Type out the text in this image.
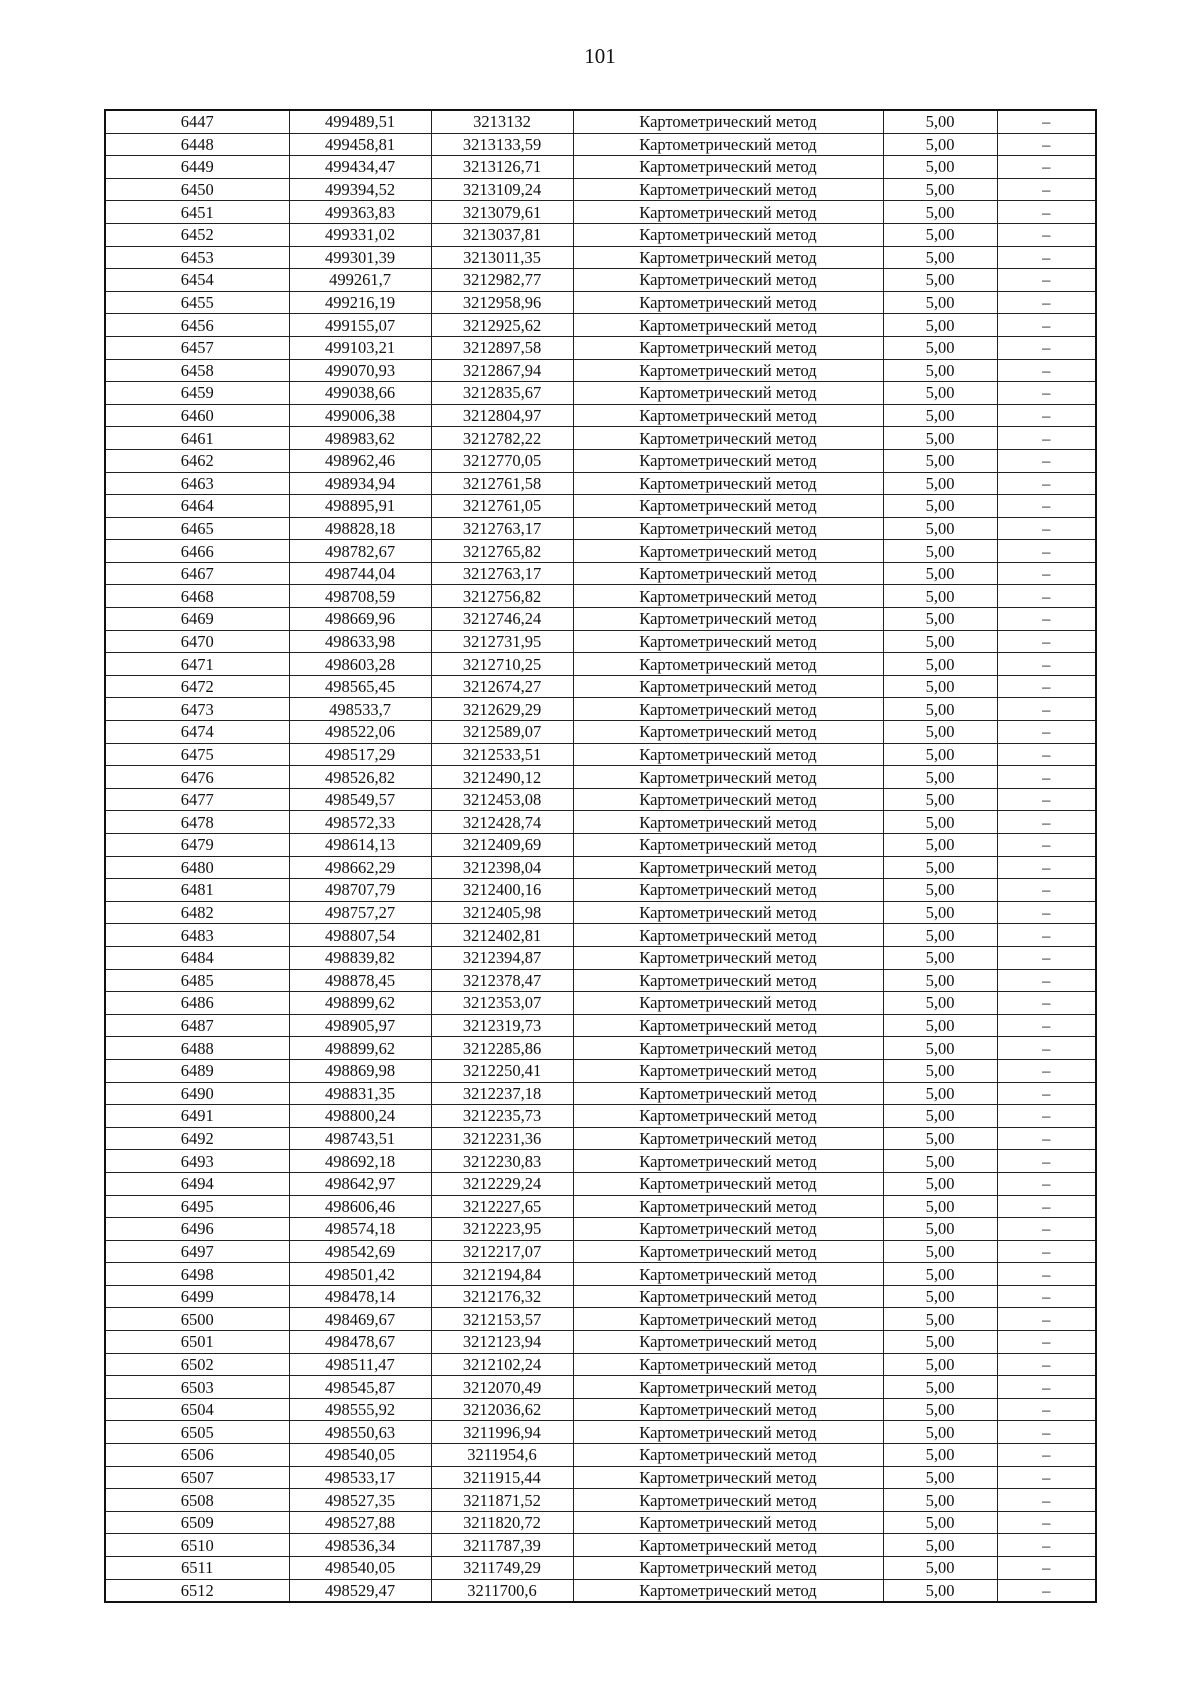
101
6447	499489,51	3213132	Картометрический метод	5,00	–
6448	499458,81	3213133,59	Картометрический метод	5,00	–
6449	499434,47	3213126,71	Картометрический метод	5,00	–
6450	499394,52	3213109,24	Картометрический метод	5,00	–
6451	499363,83	3213079,61	Картометрический метод	5,00	–
6452	499331,02	3213037,81	Картометрический метод	5,00	–
6453	499301,39	3213011,35	Картометрический метод	5,00	–
6454	499261,7	3212982,77	Картометрический метод	5,00	–
6455	499216,19	3212958,96	Картометрический метод	5,00	–
6456	499155,07	3212925,62	Картометрический метод	5,00	–
6457	499103,21	3212897,58	Картометрический метод	5,00	–
6458	499070,93	3212867,94	Картометрический метод	5,00	–
6459	499038,66	3212835,67	Картометрический метод	5,00	–
6460	499006,38	3212804,97	Картометрический метод	5,00	–
6461	498983,62	3212782,22	Картометрический метод	5,00	–
6462	498962,46	3212770,05	Картометрический метод	5,00	–
6463	498934,94	3212761,58	Картометрический метод	5,00	–
6464	498895,91	3212761,05	Картометрический метод	5,00	–
6465	498828,18	3212763,17	Картометрический метод	5,00	–
6466	498782,67	3212765,82	Картометрический метод	5,00	–
6467	498744,04	3212763,17	Картометрический метод	5,00	–
6468	498708,59	3212756,82	Картометрический метод	5,00	–
6469	498669,96	3212746,24	Картометрический метод	5,00	–
6470	498633,98	3212731,95	Картометрический метод	5,00	–
6471	498603,28	3212710,25	Картометрический метод	5,00	–
6472	498565,45	3212674,27	Картометрический метод	5,00	–
6473	498533,7	3212629,29	Картометрический метод	5,00	–
6474	498522,06	3212589,07	Картометрический метод	5,00	–
6475	498517,29	3212533,51	Картометрический метод	5,00	–
6476	498526,82	3212490,12	Картометрический метод	5,00	–
6477	498549,57	3212453,08	Картометрический метод	5,00	–
6478	498572,33	3212428,74	Картометрический метод	5,00	–
6479	498614,13	3212409,69	Картометрический метод	5,00	–
6480	498662,29	3212398,04	Картометрический метод	5,00	–
6481	498707,79	3212400,16	Картометрический метод	5,00	–
6482	498757,27	3212405,98	Картометрический метод	5,00	–
6483	498807,54	3212402,81	Картометрический метод	5,00	–
6484	498839,82	3212394,87	Картометрический метод	5,00	–
6485	498878,45	3212378,47	Картометрический метод	5,00	–
6486	498899,62	3212353,07	Картометрический метод	5,00	–
6487	498905,97	3212319,73	Картометрический метод	5,00	–
6488	498899,62	3212285,86	Картометрический метод	5,00	–
6489	498869,98	3212250,41	Картометрический метод	5,00	–
6490	498831,35	3212237,18	Картометрический метод	5,00	–
6491	498800,24	3212235,73	Картометрический метод	5,00	–
6492	498743,51	3212231,36	Картометрический метод	5,00	–
6493	498692,18	3212230,83	Картометрический метод	5,00	–
6494	498642,97	3212229,24	Картометрический метод	5,00	–
6495	498606,46	3212227,65	Картометрический метод	5,00	–
6496	498574,18	3212223,95	Картометрический метод	5,00	–
6497	498542,69	3212217,07	Картометрический метод	5,00	–
6498	498501,42	3212194,84	Картометрический метод	5,00	–
6499	498478,14	3212176,32	Картометрический метод	5,00	–
6500	498469,67	3212153,57	Картометрический метод	5,00	–
6501	498478,67	3212123,94	Картометрический метод	5,00	–
6502	498511,47	3212102,24	Картометрический метод	5,00	–
6503	498545,87	3212070,49	Картометрический метод	5,00	–
6504	498555,92	3212036,62	Картометрический метод	5,00	–
6505	498550,63	3211996,94	Картометрический метод	5,00	–
6506	498540,05	3211954,6	Картометрический метод	5,00	–
6507	498533,17	3211915,44	Картометрический метод	5,00	–
6508	498527,35	3211871,52	Картометрический метод	5,00	–
6509	498527,88	3211820,72	Картометрический метод	5,00	–
6510	498536,34	3211787,39	Картометрический метод	5,00	–
6511	498540,05	3211749,29	Картометрический метод	5,00	–
6512	498529,47	3211700,6	Картометрический метод	5,00	–
